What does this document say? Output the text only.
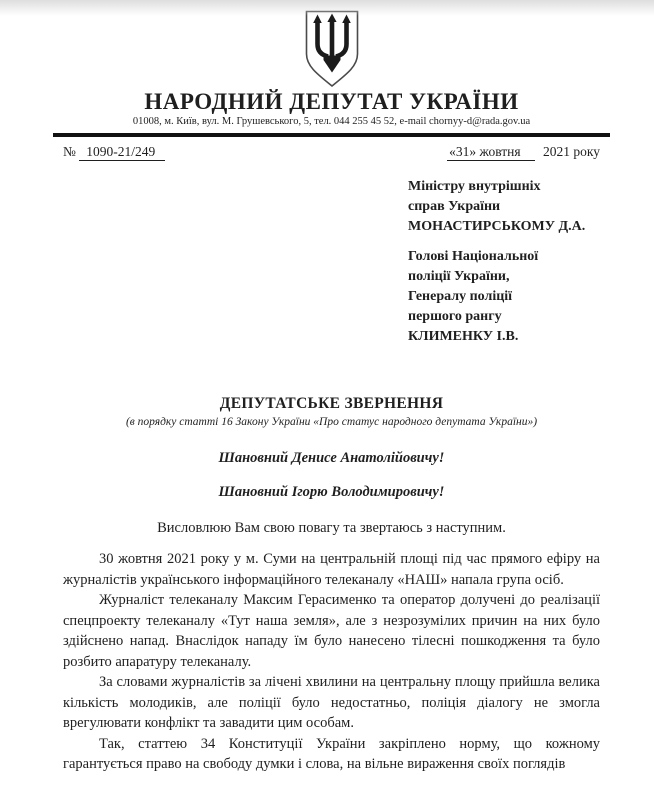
НАРОДНИЙ ДЕПУТАТ УКРАЇНИ
01008, м. Київ, вул. М. Грушевського, 5, тел. 044 255 45 52, e-mail chornyy-d@rada.gov.ua
№ 1090-21/249	«31» жовтня 2021 року
Міністру внутрішніх
справ України
МОНАСТИРСЬКОМУ Д.А.
Голові Національної
поліції України,
Генералу поліції
першого рангу
КЛИМЕНКУ І.В.
ДЕПУТАТСЬКЕ ЗВЕРНЕННЯ
(в порядку статті 16 Закону України «Про статус народного депутата України»)
Шановний Денисе Анатолійовичу!
Шановний Ігорю Володимировичу!
Висловлюю Вам свою повагу та звертаюсь з наступним.

30 жовтня 2021 року у м. Суми на центральній площі під час прямого ефіру на журналістів українського інформаційного телеканалу «НАШ» напала група осіб.

Журналіст телеканалу Максим Герасименко та оператор долучені до реалізації спецпроекту телеканалу «Тут наша земля», але з незрозумілих причин на них було здійснено напад. Внаслідок нападу їм було нанесено тілесні пошкодження та було розбито апаратуру телеканалу.

За словами журналістів за лічені хвилини на центральну площу прийшла велика кількість молодиків, але поліції було недостатньо, поліція діалогу не змогла врегулювати конфлікт та завадити цим особам.

Так, статтею 34 Конституції України закріплено норму, що кожному гарантується право на свободу думки і слова, на вільне вираження своїх поглядів
